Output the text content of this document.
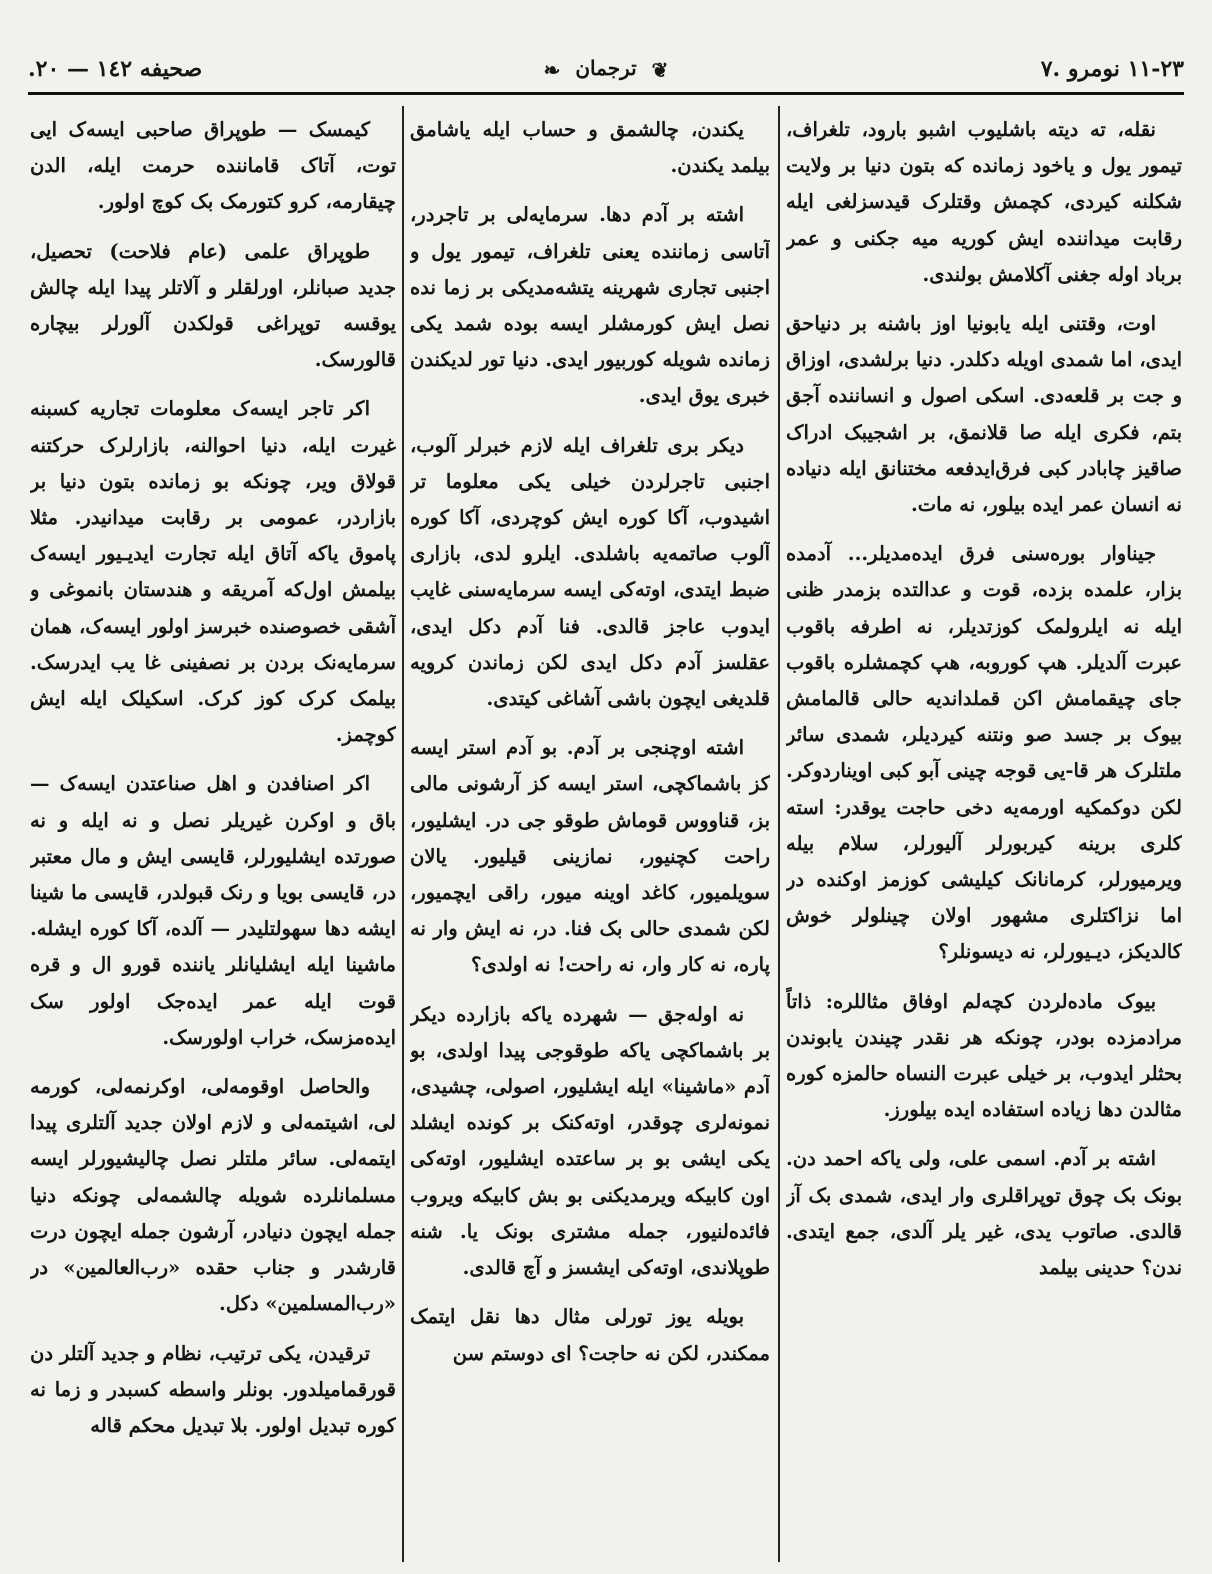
صحیفه ١٤٢ — ٢٠.	❦ ترجمان ❧	٢٣-١١ نومرو .٧

نقله، ته دیته باشلیوب اشبو بارود، تلغراف، تیمور یول و یاخود زمانده که بتون دنیا بر ولایت شکلنه کیردی، کچمش وقتلرک قیدسزلغی ایله رقابت میداننده ایش کوریه میه جکنی و عمر برباد اوله جغنی آکلامش بولندی.

اوت، وقتنی ایله یابونیا اوز باشنه بر دنیاحق ایدی، اما شمدی اویله دکلدر. دنیا برلشدی، اوزاق و جت بر قلعه‌دی. اسکی اصول و انساننده آجق بتم، فکری ایله صا قلانمق، بر اشجیبک ادراک صاقیز چابادر کبی فرق‌ایدفعه مختنانق ایله دنیاده نه انسان عمر ایده بیلور، نه مات.

جیناوار بوره‌سنی فرق ایده‌مدیلر... آدمده بزار، علمده بزده، قوت و عدالتده بزمدر ظنی ایله نه ایلرولمک کوزتدیلر، نه اطرفه باقوب عبرت آلدیلر. هپ کوروبه، هپ کچمشلره باقوب جای چیقمامش اکن قملداندیه حالی قالمامش بیوک بر جسد صو ونتنه کیردیلر، شمدی سائر ملتلرک هر قا-یی قوجه چینی آبو کبی اویناردوکر. لکن دوکمکیه اورمه‌یه دخی حاجت یوقدر: استه کلری برینه کیربورلر آلیورلر، سلام بیله ویرمیورلر، کرمانانک کیلیشی کوزمز اوکنده در اما نزاکتلری مشهور اولان چینلولر خوش کالدیکز، دیـیورلر، نه دیسونلر؟

بیوک ماده‌لردن کچه‌لم اوفاق مثاللره: ذاتاً مرادمزده بودر، چونکه هر نقدر چیندن یابوندن بحثلر ایدوب، بر خیلی عبرت النساه حالمزه کوره مثالدن دها زیاده استفاده ایده بیلورز.

اشته بر آدم. اسمی علی، ولی یاکه احمد دن. بونک بک چوق توپراقلری وار ایدی، شمدی بک آز قالدی. صاتوب یدی، غیر یلر آلدی، جمع ایتدی. ندن؟ حدینی بیلمد

یکندن، چالشمق و حساب ایله یاشامق بیلمد یکندن.

اشته بر آدم دها. سرمایه‌لی بر تاجردر، آتاسی زماننده یعنی تلغراف، تیمور یول و اجنبی تجاری شهرینه یتشه‌مدیکی بر زما نده نصل ایش کورمشلر ایسه بوده شمد یکی زمانده شویله کوربیور ایدی. دنیا تور لدیکندن خبری یوق ایدی.

دیکر بری تلغراف ایله لازم خبرلر آلوب، اجنبی تاجرلردن خیلی یکی معلوما تر اشیدوب، آکا کوره ایش کوچردی، آکا کوره آلوب صاتمه‌یه باشلدی. ایلرو لدی، بازاری ضبط ایتدی، اوته‌کی ایسه سرمایه‌سنی غایب ایدوب عاجز قالدی. فنا آدم دکل ایدی، عقلسز آدم دکل ایدی لکن زماندن کرویه قلدیغی ایچون باشی آشاغی کیتدی.

اشته اوچنجی بر آدم. بو آدم استر ایسه کز باشماکچی، استر ایسه کز آرشونی مالی بز، قناووس قوماش طوقو جی در. ایشلیور، راحت کچنیور، نمازینی قیلیور. یالان سویلمیور، کاغد اوینه میور، راقی ایچمیور، لکن شمدی حالی بک فنا. در، نه ایش وار نه پاره، نه کار وار، نه راحت! نه اولدی؟

نه اوله‌جق — شهرده یاکه بازارده دیکر بر باشماکچی یاکه طوقوجی پیدا اولدی، بو آدم «ماشینا» ایله ایشلیور، اصولی، چشیدی، نمونه‌لری چوقدر، اوته‌کنک بر کونده ایشلد یکی ایشی بو بر ساعتده ایشلیور، اوته‌کی اون کابیکه ویرمدیکنی بو بش کابیکه ویروب فائده‌لنیور، جمله مشتری بونک یا. شنه طوپلاندی، اوته‌کی ایشسز و آچ قالدی.

بویله یوز تورلی مثال دها نقل ایتمک ممکندر، لکن نه حاجت؟ ای دوستم سن

کیمسک — طوپراق صاحبی ایسه‌ک ایی توت، آتاک قاماننده حرمت ایله، الدن چیقارمه، کرو کتورمک بک کوچ اولور.

طوپراق علمی (عام فلاحت) تحصیل، جدید صبانلر، اورلقلر و آلاتلر پیدا ایله چالش یوقسه توپراغی قولکدن آلورلر بیچاره قالورسک.

اکر تاجر ایسه‌ک معلومات تجاریه کسبنه غیرت ایله، دنیا احوالنه، بازارلرک حرکتنه قولاق ویر، چونکه بو زمانده بتون دنیا بر بازاردر، عمومی بر رقابت میدانیدر. مثلا پاموق یاکه آتاق ایله تجارت ایدیـیور ایسه‌ک بیلمش اول‌که آمریقه و هندستان بانموغی و آشقی خصوصنده خبرسز اولور ایسه‌ک، همان سرمایه‌نک بردن بر نصفینی غا یب ایدرسک. بیلمک کرک کوز کرک. اسکیلک ایله ایش کوچمز.

اکر اصنافدن و اهل صناعتدن ایسه‌ک — باق و اوکرن غیریلر نصل و نه ایله و نه صورتده ایشلیورلر، قایسی ایش و مال معتبر در، قایسی بویا و رنک قبولدر، قایسی ما شینا ایشه دها سهولتلیدر — آلده، آکا کوره ایشله. ماشینا ایله ایشلیانلر یاننده قورو ال و قره قوت ایله عمر ایده‌جک اولور سک ایده‌مزسک، خراب اولورسک.

والحاصل اوقومه‌لی، اوکرنمه‌لی، کورمه لی، اشیتمه‌لی و لازم اولان جدید آلتلری پیدا ایتمه‌لی. سائر ملتلر نصل چالیشیورلر ایسه مسلمانلرده شویله چالشمه‌لی چونکه دنیا جمله ایچون دنیادر، آرشون جمله ایچون درت قارشدر و جناب حقده «رب‌العالمین» در «رب‌المسلمین» دکل.

ترقیدن، یکی ترتیب، نظام و جدید آلتلر دن قورقمامیلدور. بونلر واسطه کسبدر و زما نه کوره تبدیل اولور. بلا تبدیل محکم قاله
